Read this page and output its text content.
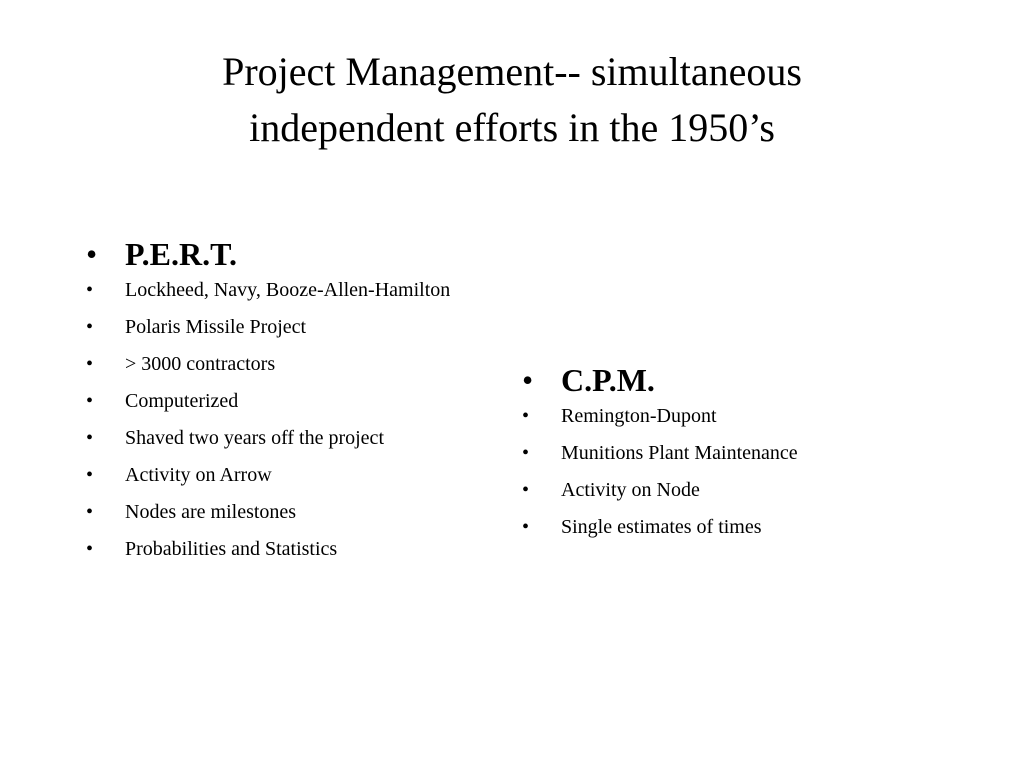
Project Management-- simultaneous
independent efforts in the 1950’s
• P.E.R.T.
• Lockheed, Navy, Booze-Allen-Hamilton
• Polaris Missile Project
• > 3000 contractors
• Computerized
• Shaved two years off the project
• Activity on Arrow
• Nodes are milestones
• Probabilities and Statistics
• C.P.M.
• Remington-Dupont
• Munitions Plant Maintenance
• Activity on Node
• Single estimates of times
